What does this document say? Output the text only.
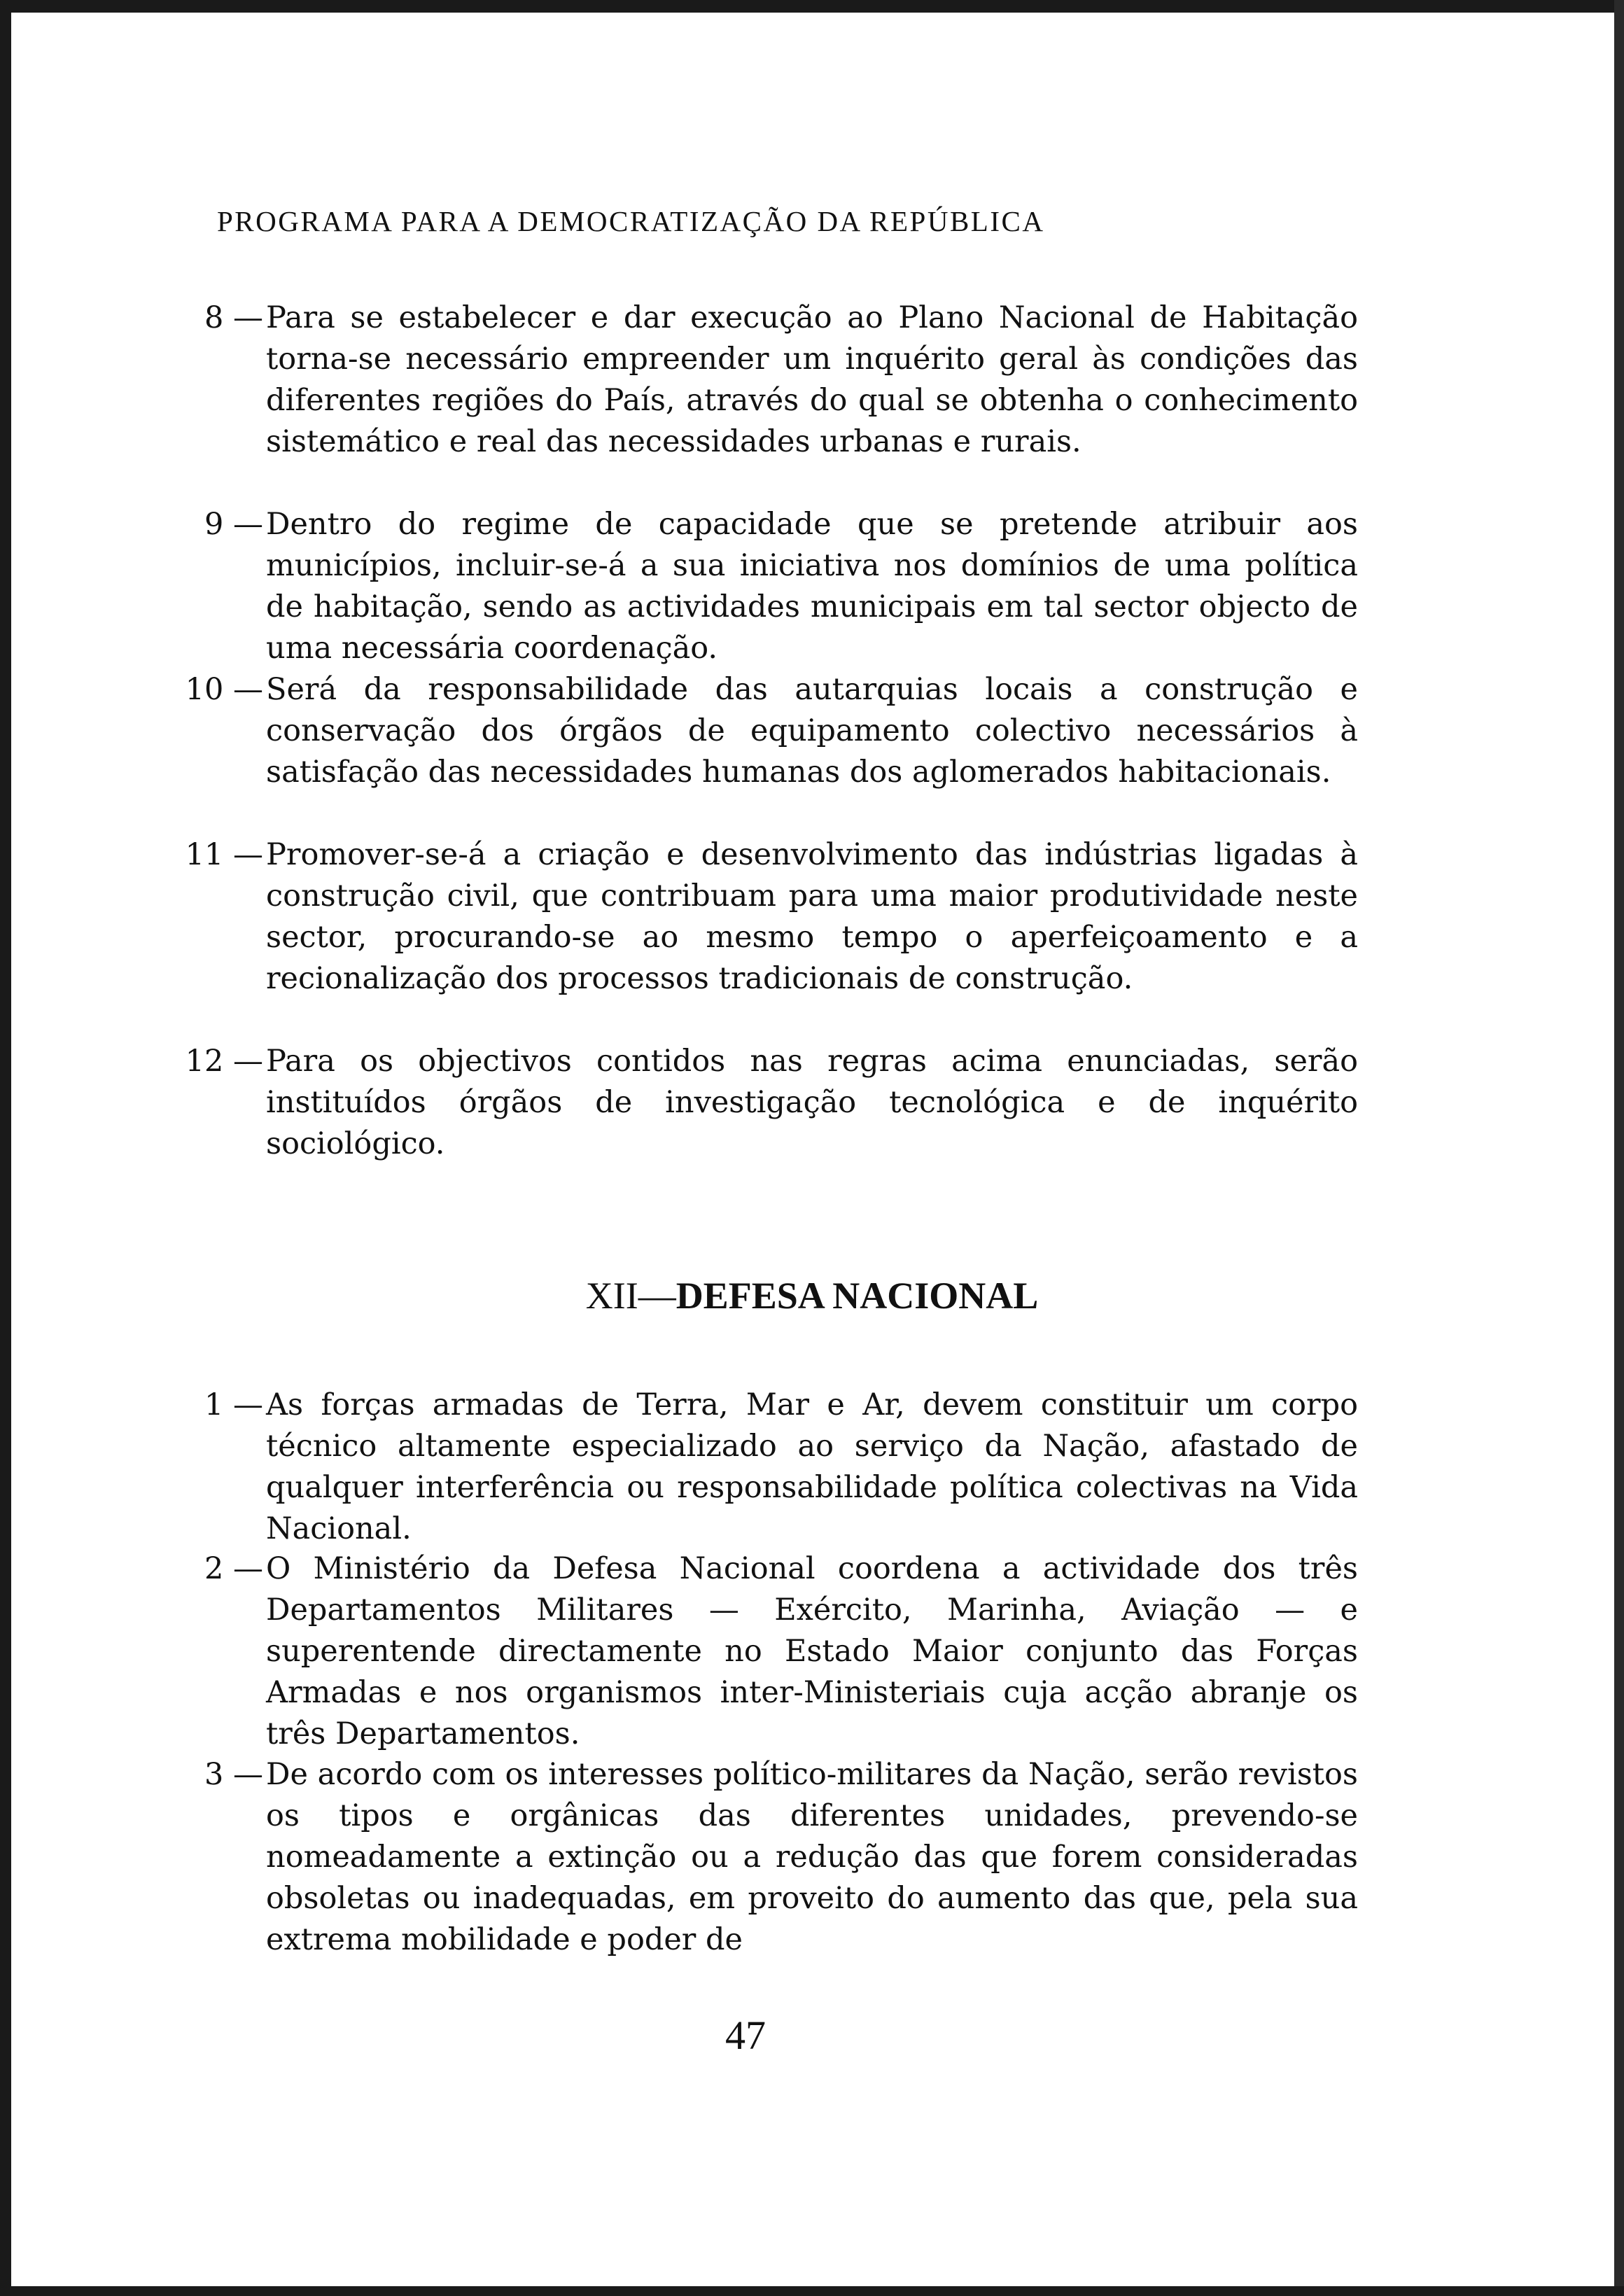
PROGRAMA PARA A DEMOCRATIZAÇÃO DA REPÚBLICA
8 — Para se estabelecer e dar execução ao Plano Nacional de Habitação torna-se necessário empreender um inquérito geral às condições das diferentes regiões do País, através do qual se obtenha o conhecimento sistemático e real das necessidades urbanas e rurais.
9 — Dentro do regime de capacidade que se pretende atribuir aos municípios, incluir-se-á a sua iniciativa nos domínios de uma política de habitação, sendo as actividades municipais em tal sector objecto de uma necessária coordenação.
10 — Será da responsabilidade das autarquias locais a construção e conservação dos órgãos de equipamento colectivo necessários à satisfação das necessidades humanas dos aglomerados habitacionais.
11 — Promover-se-á a criação e desenvolvimento das indústrias ligadas à construção civil, que contribuam para uma maior produtividade neste sector, procurando-se ao mesmo tempo o aperfeiçoamento e a recionalização dos processos tradicionais de construção.
12 — Para os objectivos contidos nas regras acima enunciadas, serão instituídos órgãos de investigação tecnológica e de inquérito sociológico.
XII—DEFESA NACIONAL
1 — As forças armadas de Terra, Mar e Ar, devem constituir um corpo técnico altamente especializado ao serviço da Nação, afastado de qualquer interferência ou responsabilidade política colectivas na Vida Nacional.
2 — O Ministério da Defesa Nacional coordena a actividade dos três Departamentos Militares — Exército, Marinha, Aviação — e superentende directamente no Estado Maior conjunto das Forças Armadas e nos organismos inter-Ministeriais cuja acção abranje os três Departamentos.
3 — De acordo com os interesses político-militares da Nação, serão revistos os tipos e orgânicas das diferentes unidades, prevendo-se nomeadamente a extinção ou a redução das que forem consideradas obsoletas ou inadequadas, em proveito do aumento das que, pela sua extrema mobilidade e poder de
47
